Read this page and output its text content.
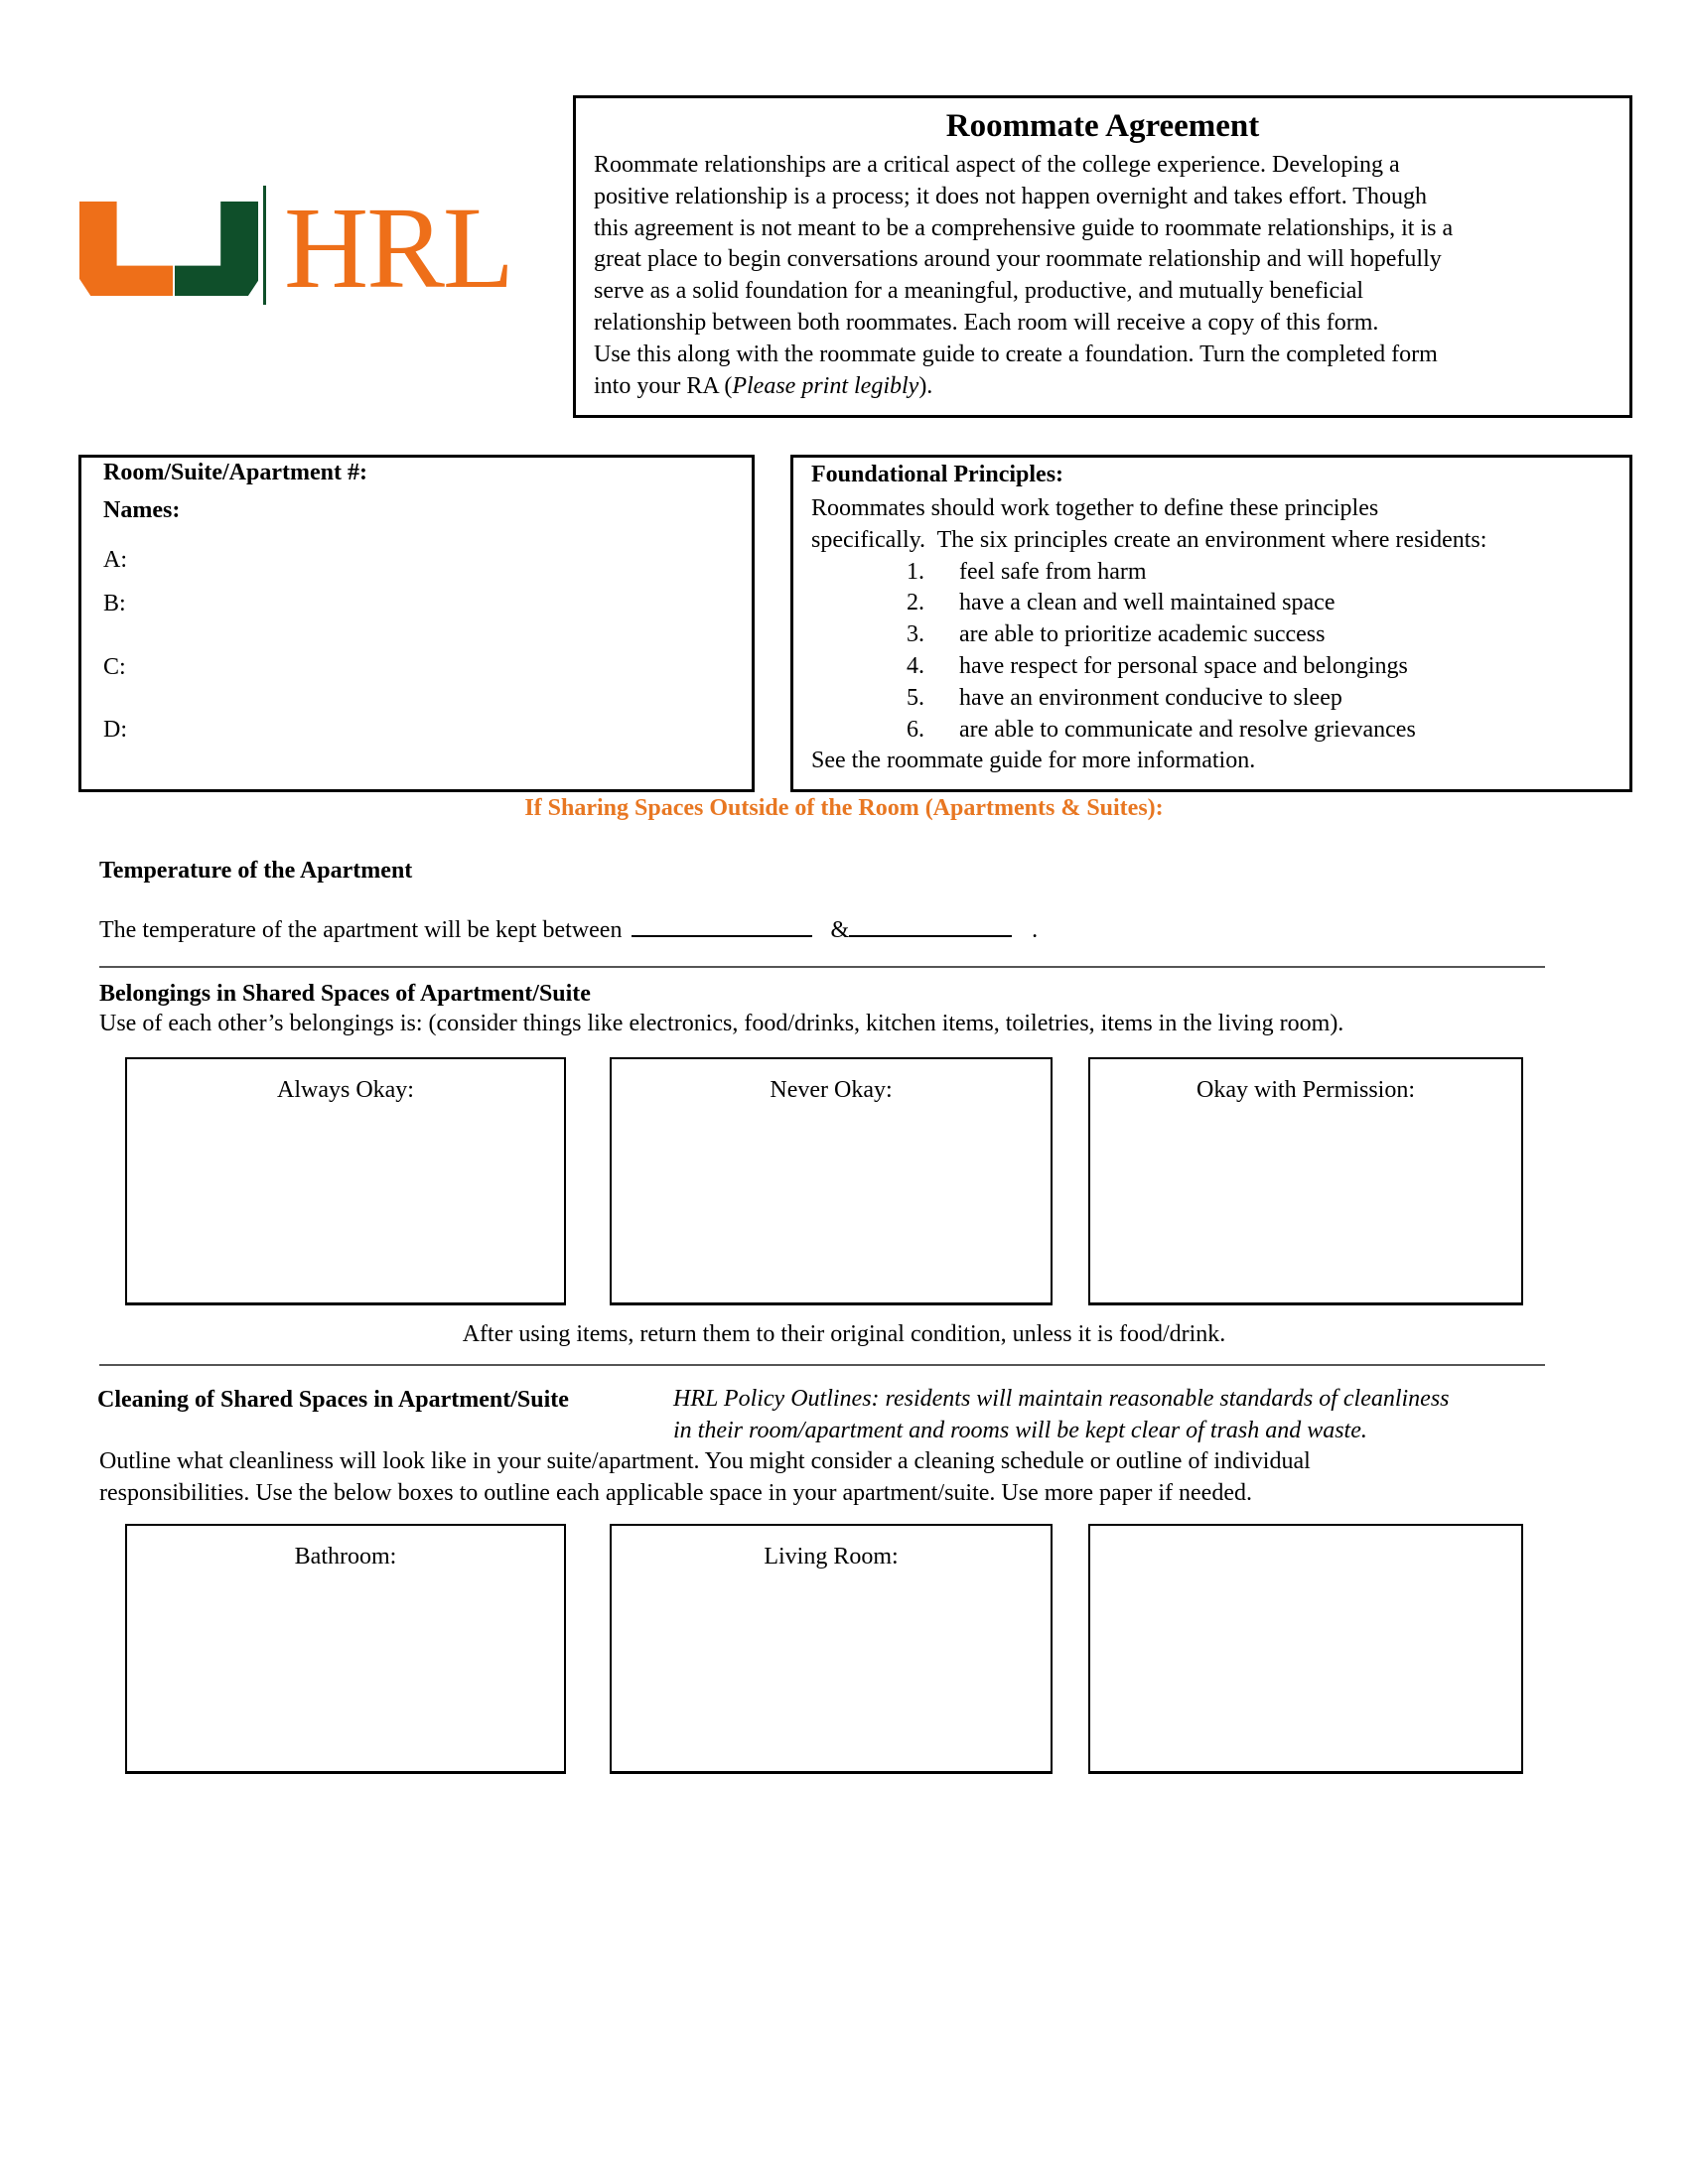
HRL
Roommate Agreement

Roommate relationships are a critical aspect of the college experience. Developing a
positive relationship is a process; it does not happen overnight and takes effort. Though
this agreement is not meant to be a comprehensive guide to roommate relationships, it is a
great place to begin conversations around your roommate relationship and will hopefully
serve as a solid foundation for a meaningful, productive, and mutually beneficial
relationship between both roommates. Each room will receive a copy of this form.
Use this along with the roommate guide to create a foundation. Turn the completed form
into your RA (Please print legibly).

Room/Suite/Apartment #:
Names:
A:
B:
C:
D:
Foundational Principles:
Roommates should work together to define these principles
specifically.  The six principles create an environment where residents:
1. feel safe from harm
2. have a clean and well maintained space
3. are able to prioritize academic success
4. have respect for personal space and belongings
5. have an environment conducive to sleep
6. are able to communicate and resolve grievances
See the roommate guide for more information.
If Sharing Spaces Outside of the Room (Apartments & Suites):
Temperature of the Apartment
The temperature of the apartment will be kept between	&	.
Belongings in Shared Spaces of Apartment/Suite
Use of each other’s belongings is: (consider things like electronics, food/drinks, kitchen items, toiletries, items in the living room).
Always Okay:	Never Okay:	Okay with Permission:
After using items, return them to their original condition, unless it is food/drink.
Cleaning of Shared Spaces in Apartment/Suite	HRL Policy Outlines: residents will maintain reasonable standards of cleanliness
in their room/apartment and rooms will be kept clear of trash and waste.
Outline what cleanliness will look like in your suite/apartment. You might consider a cleaning schedule or outline of individual
responsibilities. Use the below boxes to outline each applicable space in your apartment/suite. Use more paper if needed.
Bathroom:	Living Room:
